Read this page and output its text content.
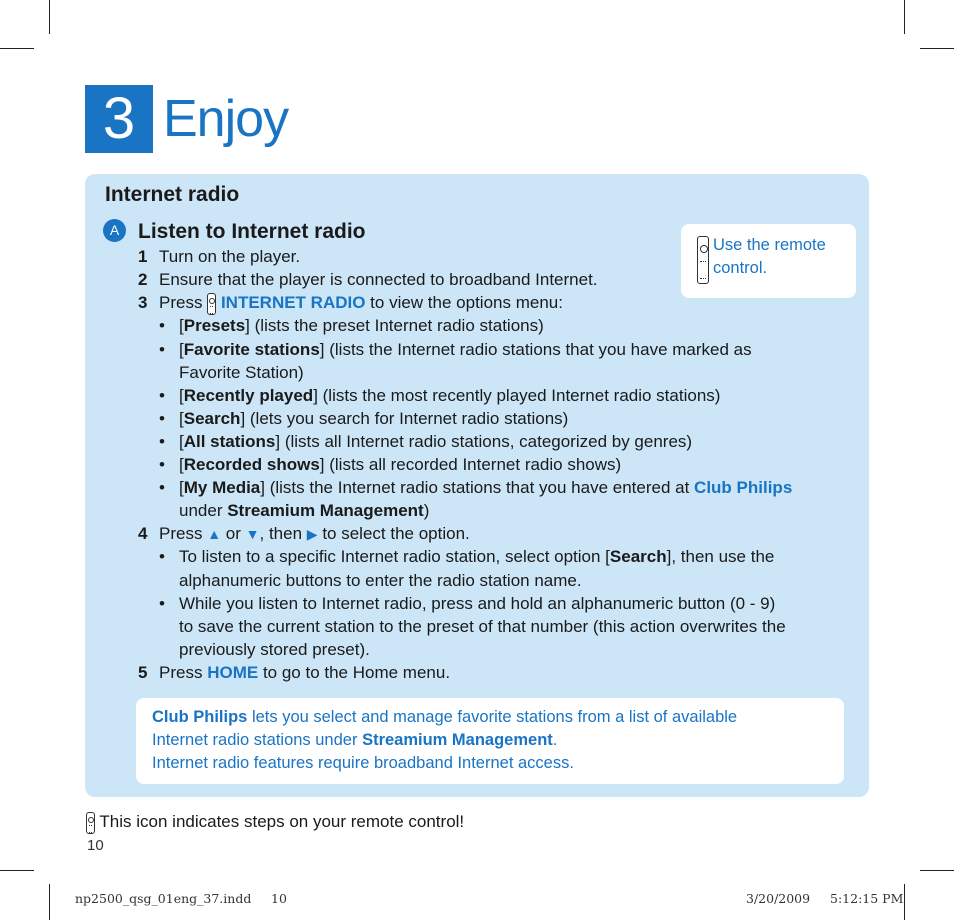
3 Enjoy
Internet radio
A Listen to Internet radio
Use the remote control.
1 Turn on the player.
2 Ensure that the player is connected to broadband Internet.
3 Press INTERNET RADIO to view the options menu:
• [Presets] (lists the preset Internet radio stations)
• [Favorite stations] (lists the Internet radio stations that you have marked as
Favorite Station)
• [Recently played] (lists the most recently played Internet radio stations)
• [Search] (lets you search for Internet radio stations)
• [All stations] (lists all Internet radio stations, categorized by genres)
• [Recorded shows] (lists all recorded Internet radio shows)
• [My Media] (lists the Internet radio stations that you have entered at Club Philips
under Streamium Management)
4 Press ▲ or ▼, then ▶ to select the option.
• To listen to a specific Internet radio station, select option [Search], then use the
alphanumeric buttons to enter the radio station name.
• While you listen to Internet radio, press and hold an alphanumeric button (0 - 9)
to save the current station to the preset of that number (this action overwrites the
previously stored preset).
5 Press HOME to go to the Home menu.
Club Philips lets you select and manage favorite stations from a list of available
Internet radio stations under Streamium Management.
Internet radio features require broadband Internet access.
This icon indicates steps on your remote control!
10
np2500_qsg_01eng_37.indd 10	3/20/2009 5:12:15 PM
